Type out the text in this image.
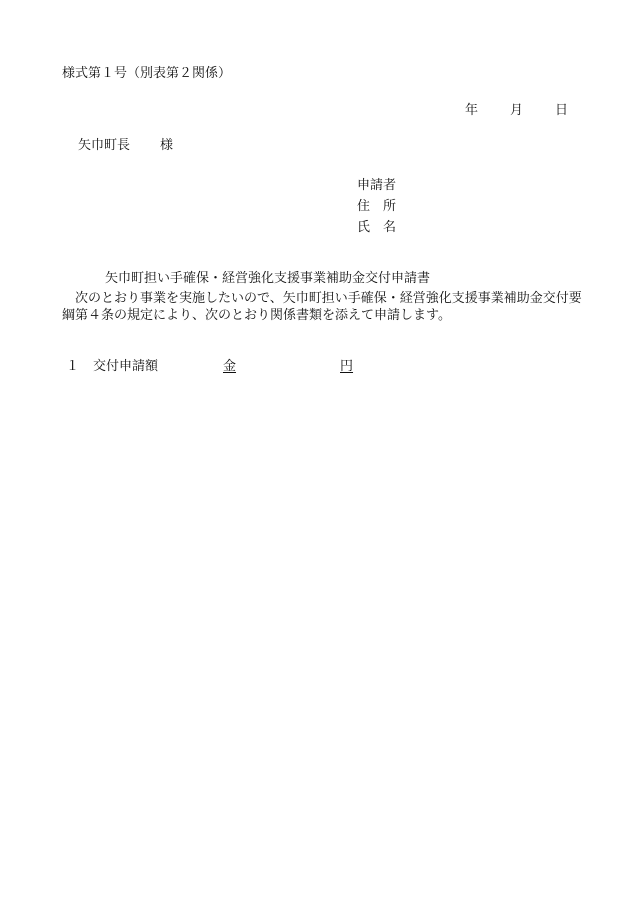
様式第１号（別表第２関係）
年 月 日
矢巾町長 様
申請者
住所
氏名
矢巾町担い手確保・経営強化支援事業補助金交付申請書
次のとおり事業を実施したいので、矢巾町担い手確保・経営強化支援事業補助金交付要綱第４条の規定により、次のとおり関係書類を添えて申請します。
１ 交付申請額	金	円
